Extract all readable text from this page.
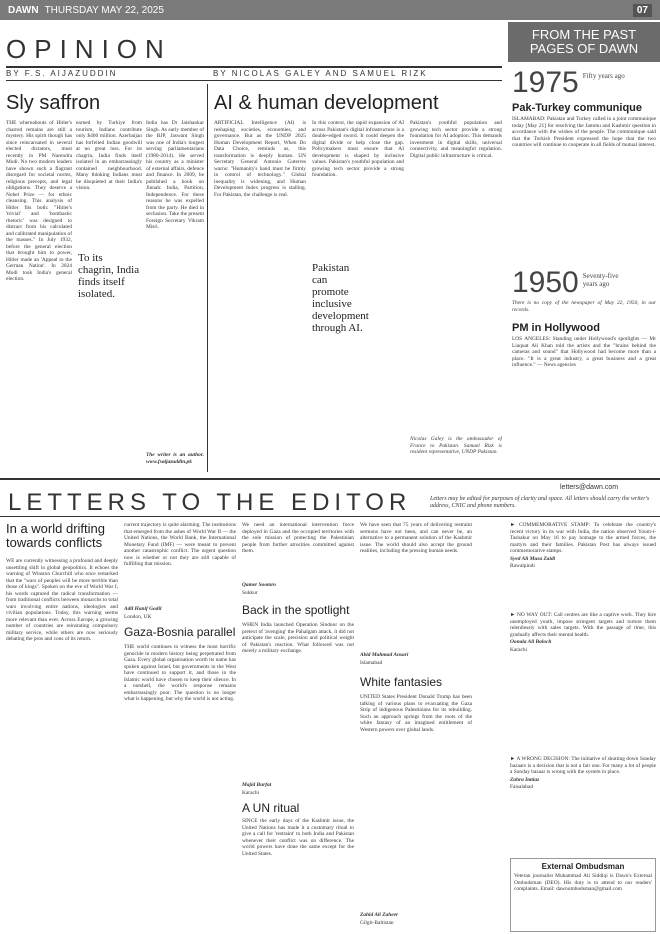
DAWN THURSDAY MAY 22, 2025	07
OPINION
BY F.S. AIJAZUDDIN	BY NICOLAS GALEY AND SAMUEL RIZK
Sly saffron	AI & human development

THE whereabouts of Hitler's charred remains are still a mystery. His spirit though has since reincarnated in several elected dictators, most recently in PM Narendra Modi. No two modern leaders have shown such a flagrant disregard for societal norms, religious precepts, and legal obligations. They deserve a Nobel Prize — for ethnic cleansing. This analysis of Hitler fits both: "Hitler's 'trivial' and 'bombastic rhetoric' was designed to distract from his calculated and calibrated manipulation of the masses." In July 1932, before the general election that brought him to power, Hitler made an 'Appeal to the German Nation'. In 2024 Modi took India's general election.

earned by Turkiye from tourism, Indians contribute only $400 million. Azerbaijan has forfeited Indian goodwill at no great loss. For its chagrin, India finds itself isolated in an embarrassingly contained neighbourhood. Many thinking Indians must be disquieted at their India's vision.

To its chagrin, India finds itself isolated.

India has Dr Jaishankar Singh. As early member of the BJP, Jaswant Singh was one of India's longest serving parliamentarians (1980-2014). He served his country as a minister of external affairs, defence and finance. In 2009, he published a book on Jinnah: India, Partition, Independence. For these reasons he was expelled from the party. He died in seclusion. Take the present Foreign Secretary Vikram Misri.

The writer is an author. www.fsaijazuddin.pk

ARTIFICIAL Intelligence (AI) is reshaping societies, economies, and governance. But as the UNDP 2025 Human Development Report, When Do Data Choice, reminds us, this transformation is deeply human. UN Secretary General Antonio Guterres warns: "Humanity's hand must be firmly in control of technology." Global inequality is widening, and Human Development Index progress is stalling. For Pakistan, the challenge is real.

In this context, the rapid expansion of AI across Pakistan's digital infrastructure is a double-edged sword. It could deepen the digital divide or help close the gap. Policymakers must ensure that AI development is shaped by inclusive values. Pakistan's youthful population and growing tech sector provide a strong foundation.

Pakistan can promote inclusive development through AI.

Pakistan's youthful population and growing tech sector provide a strong foundation for AI adoption. This demands investment in digital skills, universal connectivity, and meaningful regulation. Digital public infrastructure is critical.

Nicolas Galey is the ambassador of France to Pakistan. Samuel Rizk is resident representative, UNDP Pakistan.
FROM THE PAST PAGES OF DAWN
1975 Fifty years ago
Pak-Turkey communique
ISLAMABAD: Pakistan and Turkey called in a joint communique today [May 21] for resolving the Jammu and Kashmir question in accordance with the wishes of the people. The communique said that the Turkish President expressed the hope that the two countries will continue to cooperate in all fields of mutual interest.
1950 Seventy-five years ago
There is no copy of the newspaper of May 22, 1950, in our records.
PM in Hollywood
LOS ANGELES: Standing under Hollywood's spotlights — Mr Liaquat Ali Khan told the artists and the "brains behind the cameras and sound" that Hollywood had become more than a place. "It is a great industry, a great business and a great influence." — News agencies
LETTERS TO THE EDITOR
letters@dawn.com
Letters may be edited for purposes of clarity and space. All letters should carry the writer's address, CNIC and phone numbers.
In a world drifting towards conflicts

WE are currently witnessing a profound and deeply unsettling shift in global geopolitics. It echoes the warning of Winston Churchill who once remarked that the "wars of peoples will be more terrible than those of kings". Spoken on the eve of World War I, his words captured the radical transformation — from traditional conflicts between monarchs to total wars involving entire nations, ideologies and civilian populations. Today, this warning seems more relevant than ever. Across Europe, a growing number of countries are reinstating compulsory military service, while others are now seriously debating the pros and cons of its return.

current trajectory is quite alarming. The institutions that emerged from the ashes of World War II — the United Nations, the World Bank, the International Monetary Fund (IMF) — were meant to prevent another catastrophic conflict. The urgent question now is whether or not they are still capable of fulfilling that mission.

Adil Hanif Godil

London, UK

Gaza-Bosnia parallel

THE world continues to witness the most horrific genocide in modern history being perpetrated from Gaza. Every global organisation worth its name has spoken against Israel, but governments in the West have continued to support it, and those in the Islamic world have chosen to keep their silence. In a nutshell, the world's response remains embarrassingly poor. The question is no longer what is happening, but why the world is not acting.

We need an international intervention force deployed in Gaza and the occupied territories with the sole mission of protecting the Palestinian people from further atrocities committed against them.

Qamer Soomro

Sukkur

Back in the spotlight

WHEN India launched Operation Sindoor on the pretext of 'avenging' the Pahalgam attack, it did not anticipate the scale, precision and political weight of Pakistan's reaction. What followed was not merely a military exchange.

Majid Burfat

Karachi

A UN ritual

SINCE the early days of the Kashmir issue, the United Nations has made it a customary ritual to give a call for 'restraint' to both India and Pakistan whenever their conflict was on difference. The world powers have done the same except for the United States.

We have seen that 75 years of delivering restraint sermons have not been, and can never be, an alternative to a permanent solution of the Kashmir issue. The world should also accept the ground realities, including the pressing human needs.

Abid Mahmud Ansari

Islamabad

White fantasies

UNITED States President Donald Trump has been talking of various plans to evacuating the Gaza Strip of indigenous Palestinians for its rebuilding. Such an approach springs from the roots of the white fantasy of an imagined entitlement of Western powers over global lands.

Zahid Ali Zaheer

Gilgit-Baltistan

► COMMEMORATIVE STAMP: To celebrate the country's recent victory in its war with India, the nation observed Youm-i-Tashakur on May 16 to pay homage to the armed forces, the martyrs and their families. Pakistan Post has always issued commemorative stamps.

Syed Ali Musa Zaidi

Rawalpindi

► NO WAY OUT: Call centres are like a captive work. They hire unemployed youth, impose stringent targets and torture them relentlessly with sales targets. With the passage of time, this gradually affects their mental health.

Oonala Ali Baloch

Karachi

► A WRONG DECISION: The initiative of shutting down Sunday bazaars is a decision that is not a fair one. For many a lot of people a Sunday bazaar is wrong with the system in place.

Zahra Imtiaz

Faisalabad

External Ombudsman
Veteran journalist Muhammad Ali Siddiqi is Dawn's External Ombudsman (DEO). His duty is to attend to our readers' complaints. Email: dawnombudsman@gmail.com
